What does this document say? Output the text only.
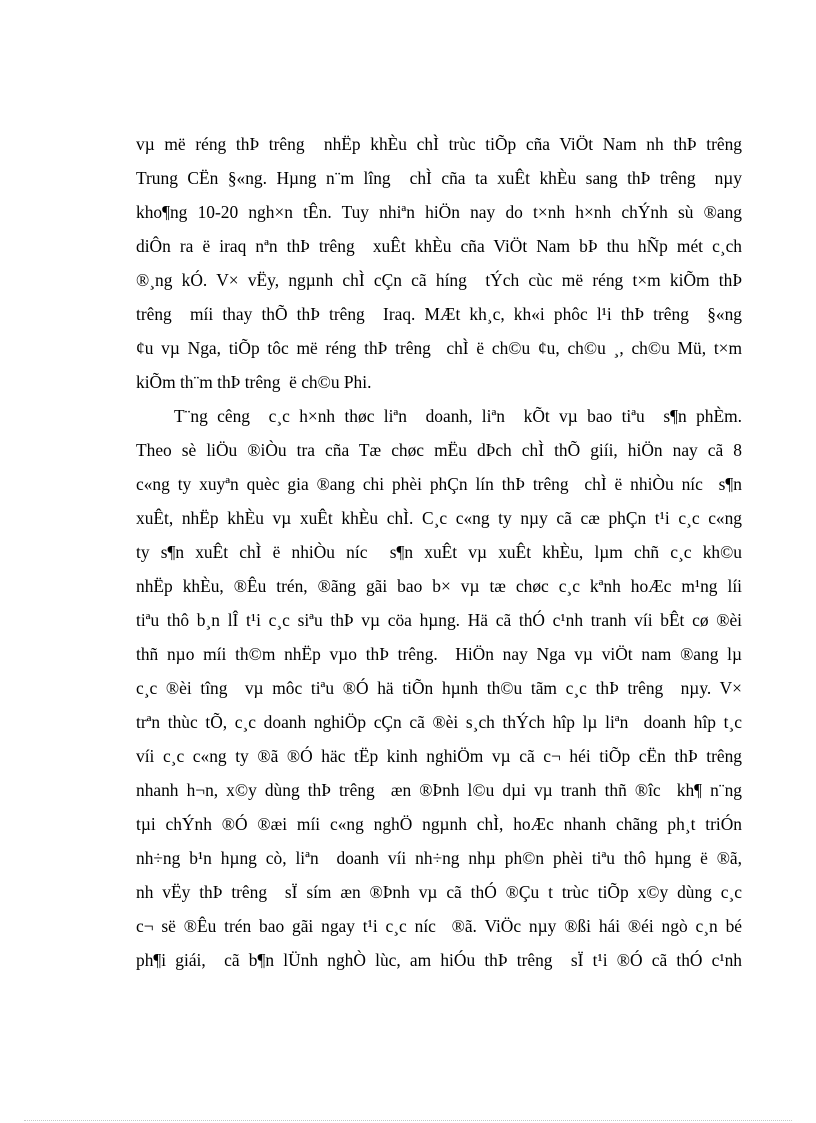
vµ më réng thÞ trêng  nhËp khÈu chÌ trùc tiÕp cña ViÖt Nam nh thÞ trêng
Trung CËn §«ng. Hµng n¨m lîng  chÌ cña ta xuÊt khÈu sang thÞ trêng  nµy
kho¶ng 10-20 ngh×n tÊn. Tuy nhiªn hiÖn nay do t×nh h×nh chÝnh sù ®ang
diÔn ra ë iraq nªn thÞ trêng  xuÊt khÈu cña ViÖt Nam bÞ thu hÑp mét c¸ch
®¸ng kÓ. V× vËy, ngµnh chÌ cÇn cã híng  tÝch cùc më réng t×m kiÕm thÞ
trêng  míi thay thÕ thÞ trêng  Iraq. MÆt kh¸c, kh«i phôc l¹i thÞ trêng  §«ng
¢u vµ Nga, tiÕp tôc më réng thÞ trêng  chÌ ë ch©u ¢u, ch©u ¸, ch©u Mü, t×m
kiÕm th¨m thÞ trêng  ë ch©u Phi.
T¨ng cêng  c¸c h×nh thøc liªn  doanh, liªn  kÕt vµ bao tiªu  s¶n phÈm.
Theo sè liÖu ®iÒu tra cña Tæ chøc mËu dÞch chÌ thÕ giíi, hiÖn nay cã 8
c«ng ty xuyªn quèc gia ®ang chi phèi phÇn lín thÞ trêng  chÌ ë nhiÒu níc  s¶n
xuÊt, nhËp khÈu vµ xuÊt khÈu chÌ. C¸c c«ng ty nµy cã cæ phÇn t¹i c¸c c«ng
ty s¶n xuÊt chÌ ë nhiÒu níc  s¶n xuÊt vµ xuÊt khÈu, lµm chñ c¸c kh©u
nhËp khÈu, ®Êu trén, ®ãng gãi bao b× vµ tæ chøc c¸c kªnh hoÆc m¹ng líi
tiªu thô b¸n lÎ t¹i c¸c siªu thÞ vµ cöa hµng. Hä cã thÓ c¹nh tranh víi bÊt cø ®èi
thñ nµo míi th©m nhËp vµo thÞ trêng.  HiÖn nay Nga vµ viÖt nam ®ang lµ
c¸c ®èi tîng  vµ môc tiªu ®Ó hä tiÕn hµnh th©u tãm c¸c thÞ trêng  nµy. V×
trªn thùc tÕ, c¸c doanh nghiÖp cÇn cã ®èi s¸ch thÝch hîp lµ liªn  doanh hîp t¸c
víi c¸c c«ng ty ®ã ®Ó häc tËp kinh nghiÖm vµ cã c¬ héi tiÕp cËn thÞ trêng
nhanh h¬n, x©y dùng thÞ trêng  æn ®Þnh l©u dµi vµ tranh thñ ®îc  kh¶ n¨ng
tµi chÝnh ®Ó ®æi míi c«ng nghÖ ngµnh chÌ, hoÆc nhanh chãng ph¸t triÓn
nh÷ng b¹n hµng cò, liªn  doanh víi nh÷ng nhµ ph©n phèi tiªu thô hµng ë ®ã,
nh vËy thÞ trêng  sÏ sím æn ®Þnh vµ cã thÓ ®Çu t trùc tiÕp x©y dùng c¸c
c¬ së ®Êu trén bao gãi ngay t¹i c¸c níc  ®ã. ViÖc nµy ®ßi hái ®éi ngò c¸n bé
ph¶i giái,  cã b¶n lÜnh nghÒ lùc, am hiÓu thÞ trêng  sÏ t¹i ®Ó cã thÓ c¹nh
